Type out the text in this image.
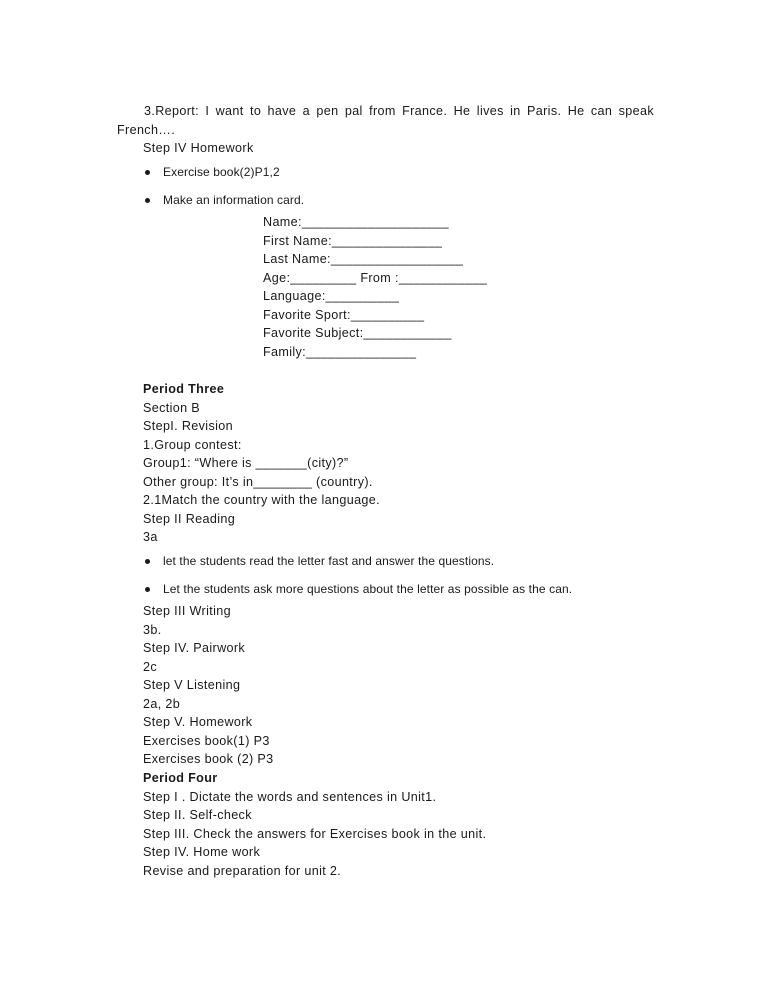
3.Report: I want to have a pen pal from France. He lives in Paris. He can speak French….
Step IV Homework
Exercise book(2)P1,2
Make an information card.
Name:____________________
First Name:_______________
Last Name:__________________
Age:_________ From :____________
Language:__________
Favorite Sport:__________
Favorite Subject:____________
Family:_______________
Period Three
Section B
StepI. Revision
1.Group contest:
Group1: “Where is _______(city)?”
Other group: It’s in________ (country).
2.1Match the country with the language.
Step II Reading
3a
let the students read the letter fast and answer the questions.
Let the students ask more questions about the letter as possible as the can.
Step III Writing
3b.
Step IV. Pairwork
2c
Step V Listening
2a, 2b
Step V. Homework
Exercises book(1) P3
Exercises book (2) P3
Period Four
Step I . Dictate the words and sentences in Unit1.
Step II. Self-check
Step III. Check the answers for Exercises book in the unit.
Step IV. Home work
Revise and preparation for unit 2.
